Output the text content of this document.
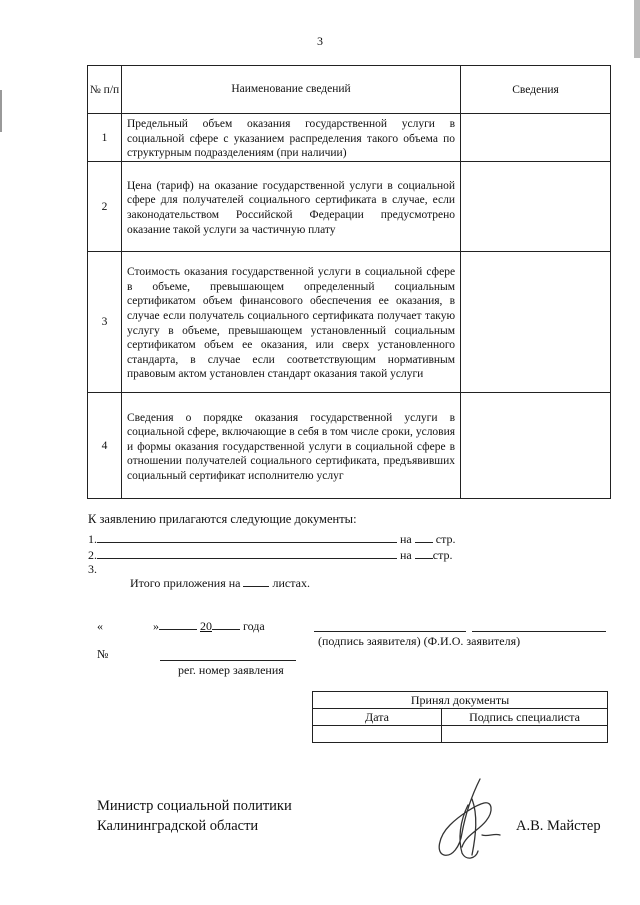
3
№ п/п	Наименование сведений	Сведения
1	Предельный объем оказания государственной услуги в социальной сфере с указанием распределения такого объема по структурным подразделениям (при наличии)	
2	Цена (тариф) на оказание государственной услуги в социальной сфере для получателей социального сертификата в случае, если законодательством Российской Федерации предусмотрено оказание такой услуги за частичную плату	
3	Стоимость оказания государственной услуги в социальной сфере в объеме, превышающем определенный социальным сертификатом объем финансового обеспечения ее оказания, в случае если получатель социального сертификата получает такую услугу в объеме, превышающем установленный социальным сертификатом объем ее оказания, или сверх установленного стандарта, в случае если соответствующим нормативным правовым актом установлен стандарт оказания такой услуги	
4	Сведения о порядке оказания государственной услуги в социальной сфере, включающие в себя в том числе сроки, условия и формы оказания государственной услуги в социальной сфере в отношении получателей социального сертификата, предъявивших социальный сертификат исполнителю услуг	
К заявлению прилагаются следующие документы:
1.	на стр.
2.	на стр.
3.
Итого приложения на	листах.
«	»	20	года
(подпись заявителя) (Ф.И.О. заявителя)
№
рег. номер заявления
Принял документы	
Дата	Подпись специалиста

Министр социальной политики
Калининградской области	А.В. Майстер
